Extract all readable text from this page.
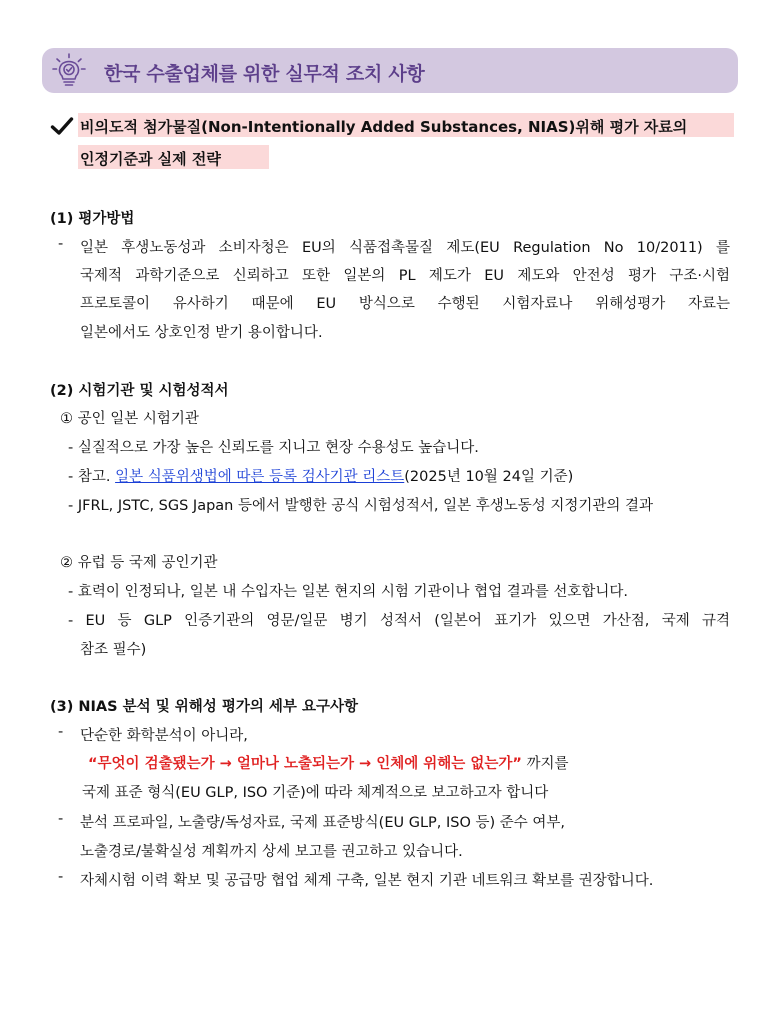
한국 수출업체를 위한 실무적 조치 사항
비의도적 첨가물질(Non-Intentionally Added Substances, NIAS)위해 평가 자료의
인정기준과 실제 전략
(1) 평가방법
- 일본 후생노동성과 소비자청은 EU의 식품접촉물질 제도(EU Regulation No 10/2011) 를
국제적 과학기준으로 신뢰하고 또한 일본의 PL 제도가 EU 제도와 안전성 평가 구조·시험
프로토콜이 유사하기 때문에 EU 방식으로 수행된 시험자료나 위해성평가 자료는
일본에서도 상호인정 받기 용이합니다.
(2) 시험기관 및 시험성적서
① 공인 일본 시험기관
- 실질적으로 가장 높은 신뢰도를 지니고 현장 수용성도 높습니다.
- 참고. 일본 식품위생법에 따른 등록 검사기관 리스트(2025년 10월 24일 기준)
- JFRL, JSTC, SGS Japan 등에서 발행한 공식 시험성적서, 일본 후생노동성 지정기관의 결과
② 유럽 등 국제 공인기관
- 효력이 인정되나, 일본 내 수입자는 일본 현지의 시험 기관이나 협업 결과를 선호합니다.
- EU 등 GLP 인증기관의 영문/일문 병기 성적서 (일본어 표기가 있으면 가산점, 국제 규격
참조 필수)
(3) NIAS 분석 및 위해성 평가의 세부 요구사항
- 단순한 화학분석이 아니라,
“무엇이 검출됐는가 → 얼마나 노출되는가 → 인체에 위해는 없는가” 까지를
국제 표준 형식(EU GLP, ISO 기준)에 따라 체계적으로 보고하고자 합니다
- 분석 프로파일, 노출량/독성자료, 국제 표준방식(EU GLP, ISO 등) 준수 여부,
노출경로/불확실성 계획까지 상세 보고를 권고하고 있습니다.
- 자체시험 이력 확보 및 공급망 협업 체계 구축, 일본 현지 기관 네트워크 확보를 권장합니다.
